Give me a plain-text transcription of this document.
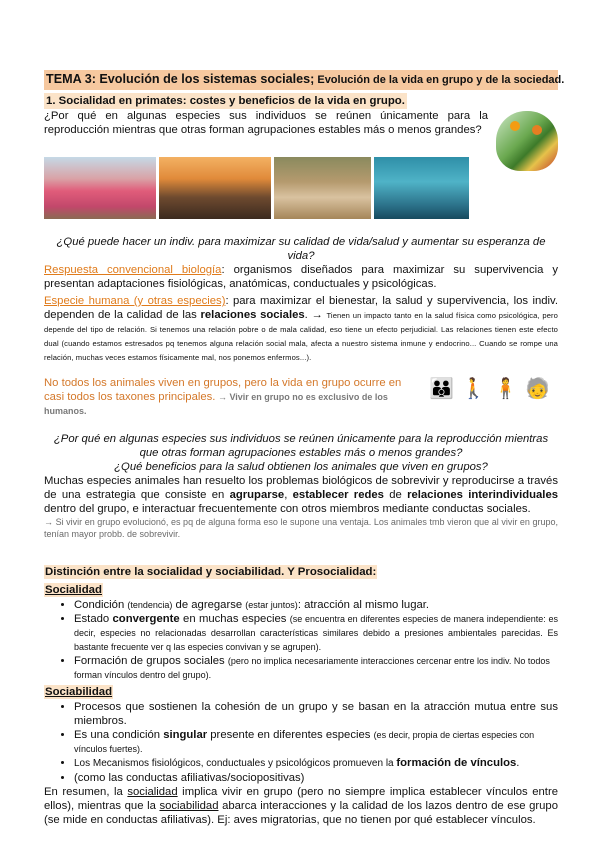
TEMA 3: Evolución de los sistemas sociales; Evolución de la vida en grupo y de la sociedad.
1. Socialidad en primates: costes y beneficios de la vida en grupo.

¿Por qué en algunas especies sus individuos se reúnen únicamente para la reproducción mientras que otras forman agrupaciones estables más o menos grandes?

¿Qué puede hacer un indiv. para maximizar su calidad de vida/salud y aumentar su esperanza de vida?

Respuesta convencional biología: organismos diseñados para maximizar su supervivencia y presentan adaptaciones fisiológicas, anatómicas, conductuales y psicológicas.

Especie humana (y otras especies): para maximizar el bienestar, la salud y supervivencia, los indiv. dependen de la calidad de las relaciones sociales. → Tienen un impacto tanto en la salud física como psicológica, pero depende del tipo de relación. Si tenemos una relación pobre o de mala calidad, eso tiene un efecto perjudicial. Las relaciones tienen este efecto dual (cuando estamos estresados pq tenemos alguna relación social mala, afecta a nuestro sistema inmune y endocrino... Cuando se rompe una relación, muchas veces estamos físicamente mal, nos ponemos enfermos...).

No todos los animales viven en grupos, pero la vida en grupo ocurre en casi todos los taxones principales. → Vivir en grupo no es exclusivo de los humanos.

👪 🚶 🧍 🧓

¿Por qué en algunas especies sus individuos se reúnen únicamente para la reproducción mientras que otras forman agrupaciones estables más o menos grandes?

¿Qué beneficios para la salud obtienen los animales que viven en grupos?

Muchas especies animales han resuelto los problemas biológicos de sobrevivir y reproducirse a través de una estrategia que consiste en agruparse, establecer redes de relaciones interindividuales dentro del grupo, e interactuar frecuentemente con otros miembros mediante conductas sociales.

→ Si vivir en grupo evolucionó, es pq de alguna forma eso le supone una ventaja. Los animales tmb vieron que al vivir en grupo, tenían mayor probb. de sobrevivir.

Distinción entre la socialidad y sociabilidad. Y Prosocialidad:
Socialidad
• Condición (tendencia) de agregarse (estar juntos): atracción al mismo lugar.
• Estado convergente en muchas especies (se encuentra en diferentes especies de manera independiente: es decir, especies no relacionadas desarrollan características similares debido a presiones ambientales parecidas. Es bastante frecuente ver q las especies convivan y se agrupen).
• Formación de grupos sociales (pero no implica necesariamente interacciones cercenar entre los indiv. No todos forman vínculos dentro del grupo).
Sociabilidad
• Procesos que sostienen la cohesión de un grupo y se basan en la atracción mutua entre sus miembros.
• Es una condición singular presente en diferentes especies (es decir, propia de ciertas especies con vínculos fuertes).
• Los Mecanismos fisiológicos, conductuales y psicológicos promueven la formación de vínculos.
• (como las conductas afiliativas/sociopositivas)

En resumen, la socialidad implica vivir en grupo (pero no siempre implica establecer vínculos entre ellos), mientras que la sociabilidad abarca interacciones y la calidad de los lazos dentro de ese grupo (se mide en conductas afiliativas). Ej: aves migratorias, que no tienen por qué establecer vínculos.
